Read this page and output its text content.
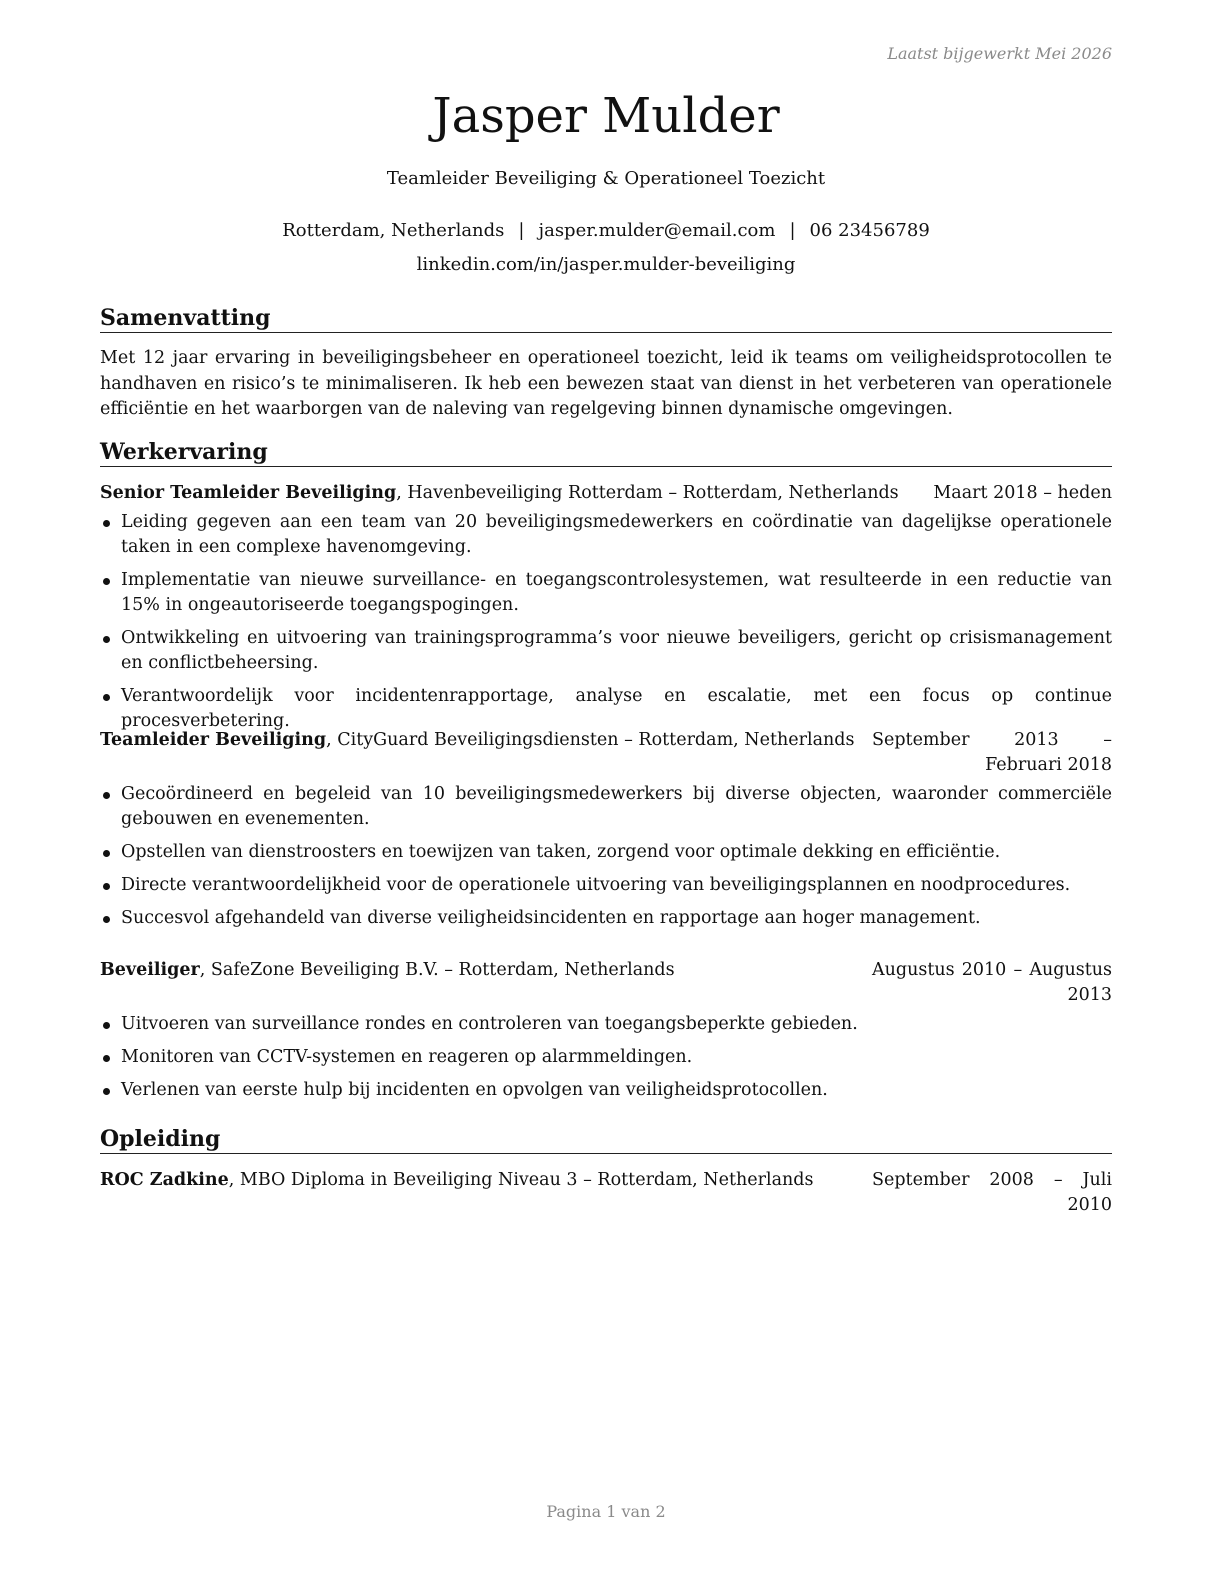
Laatst bijgewerkt Mei 2026
Jasper Mulder
Teamleider Beveiliging & Operationeel Toezicht
Rotterdam, Netherlands | jasper.mulder@email.com | 06 23456789
linkedin.com/in/jasper.mulder-beveiliging
Samenvatting
Met 12 jaar ervaring in beveiligingsbeheer en operationeel toezicht, leid ik teams om veiligheidsprotocollen te handhaven en risico’s te minimaliseren. Ik heb een bewezen staat van dienst in het verbeteren van operationele efficiëntie en het waarborgen van de naleving van regelgeving binnen dynamische omgevingen.
Werkervaring
Senior Teamleider Beveiliging, Havenbeveiliging Rotterdam – Rotterdam, Netherlands Maart 2018 – heden
Leiding gegeven aan een team van 20 beveiligingsmedewerkers en coördinatie van dagelijkse operationele taken in een complexe havenomgeving.
Implementatie van nieuwe surveillance- en toegangscontrolesystemen, wat resulteerde in een reductie van 15% in ongeautoriseerde toegangspogingen.
Ontwikkeling en uitvoering van trainingsprogramma’s voor nieuwe beveiligers, gericht op crisismanagement en conflictbeheersing.
Verantwoordelijk voor incidentenrapportage, analyse en escalatie, met een focus op continue procesverbetering.
Teamleider Beveiliging, CityGuard Beveiligingsdiensten – Rotterdam, Netherlands September 2013 – Februari 2018
Gecoördineerd en begeleid van 10 beveiligingsmedewerkers bij diverse objecten, waaronder commerciële gebouwen en evenementen.
Opstellen van dienstroosters en toewijzen van taken, zorgend voor optimale dekking en efficiëntie.
Directe verantwoordelijkheid voor de operationele uitvoering van beveiligingsplannen en noodprocedures.
Succesvol afgehandeld van diverse veiligheidsincidenten en rapportage aan hoger management.
Beveiliger, SafeZone Beveiliging B.V. – Rotterdam, Netherlands	Augustus 2010 – Augustus 2013
Uitvoeren van surveillance rondes en controleren van toegangsbeperkte gebieden.
Monitoren van CCTV-systemen en reageren op alarmmeldingen.
Verlenen van eerste hulp bij incidenten en opvolgen van veiligheidsprotocollen.
Opleiding
ROC Zadkine, MBO Diploma in Beveiliging Niveau 3 – Rotterdam, Netherlands	September 2008 – Juli 2010
Pagina 1 van 2
